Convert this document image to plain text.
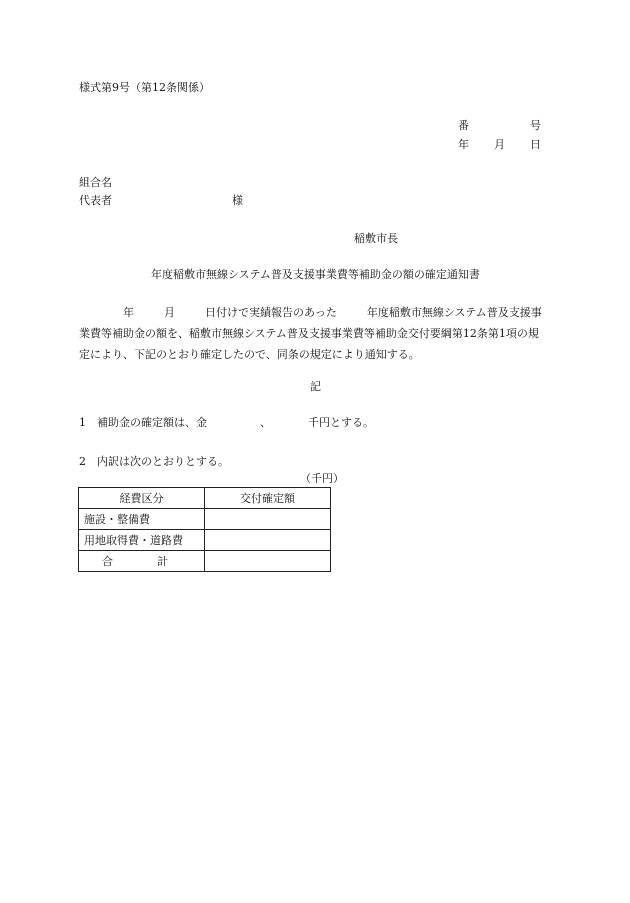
様式第9号（第12条関係）
番	号
年 月 日
組合名
代表者	様
稲敷市長
年度稲敷市無線システム普及支援事業費等補助金の額の確定通知書
年	月	日付けで実績報告のあった	年度稲敷市無線システム普及支援事業費等補助金の額を、稲敷市無線システム普及支援事業費等補助金交付要綱第12条第1項の規定により、下記のとおり確定したので、同条の規定により通知する。
記
1 補助金の確定額は、金	、	千円とする。
2 内訳は次のとおりとする。
（千円）
経費区分	交付確定額
施設・整備費	
用地取得費・道路費	
合 計	
